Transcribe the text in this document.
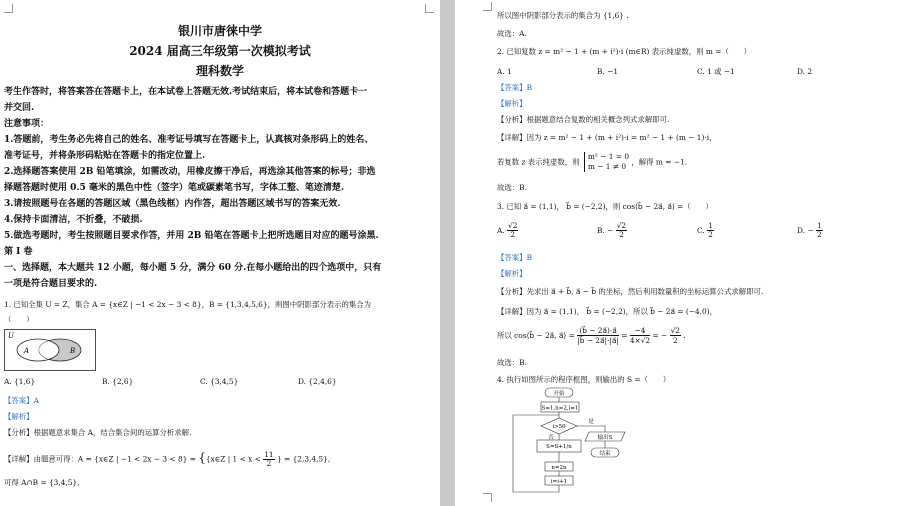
银川市唐徕中学
2024 届高三年级第一次模拟考试
理科数学
考生作答时，将答案答在答题卡上，在本试卷上答题无效.考试结束后，将本试卷和答题卡一
并交回.
注意事项：
1.答题前，考生务必先将自己的姓名、准考证号填写在答题卡上，认真核对条形码上的姓名、
准考证号，并将条形码粘贴在答题卡的指定位置上.
2.选择题答案使用 2B 铅笔填涂，如需改动，用橡皮擦干净后，再选涂其他答案的标号；非选
择题答题时使用 0.5 毫米的黑色中性（签字）笔或碳素笔书写，字体工整、笔迹清楚.
3.请按照题号在各题的答题区域（黑色线框）内作答，超出答题区域书写的答案无效.
4.保持卡面清洁，不折叠，不破损.
5.做选考题时，考生按照题目要求作答，并用 2B 铅笔在答题卡上把所选题目对应的题号涂黑.
第 I 卷
一、选择题，本大题共 12 小题，每小题 5 分，满分 60 分.在每小题给出的四个选项中，只有
一项是符合题目要求的.
1. 已知全集 U = Z，集合 A = {x∈Z | −1 < 2x − 3 < 8}，B = {1,3,4,5,6}，则图中阴影部分表示的集合为
（　　）
U
A	B
A. {1,6}	B. {2,6}	C. {3,4,5}	D. {2,4,6}
【答案】A
【解析】
【分析】根据题意求集合 A，结合集合间的运算分析求解.
【详解】由题意可得：A = {x∈Z | −1 < 2x − 3 < 8} = {{x∈Z | $1 < x < \frac{11}{2}$ } = {2,3,4,5},
可得 A∩B = {3,4,5},
所以图中阴影部分表示的集合为 {1,6} .
故选：A.
2. 已知复数 z = m² − 1 + (m + i²)·i (m∈R) 表示纯虚数，则 m =（　　）
A. 1	B. −1	C. 1 或 −1	D. 2
【答案】B
【解析】
【分析】根据题意结合复数的相关概念列式求解即可.
【详解】因为 z = m² − 1 + (m + i²)·i = m² − 1 + (m − 1)·i，
若复数 z 表示纯虚数，则
m² − 1 = 0
m − 1 ≠ 0 ，解得 m = −1.
故选：B.
3. 已知 a⃗ = (1,1)， b⃗ = (−2,2)，则 cos⟨b⃗ − 2a⃗, a⃗⟩ =（　　）
A. $\frac{√2}{2}$	B. − $\frac{√2}{2}$	C. $\frac{1}{2}$	D. − $\frac{1}{2}$
【答案】B
【解析】
【分析】先求出 a⃗ + b⃗, a⃗ − b⃗ 的坐标，然后利用数量积的坐标运算公式求解即可.
【详解】因为 a⃗ = (1,1)， b⃗ = (−2,2)，所以 b⃗ − 2a⃗ = (−4,0)，
所以 cos⟨b⃗ − 2a⃗, a⃗⟩ = $\frac{(b⃗ - 2a⃗)\cdot a⃗}{|b⃗ - 2a⃗|\cdot|a⃗|} = \frac{-4}{4\times√2}$ = − $\frac{√2}{2}$ .
故选：B.
4. 执行如图所示的程序框图，则输出的 S =（　　）
开始
S=1,n=2,i=1
i>50
否
是
S=S+1/n
输出S
结束
n=2n
i=i+1
